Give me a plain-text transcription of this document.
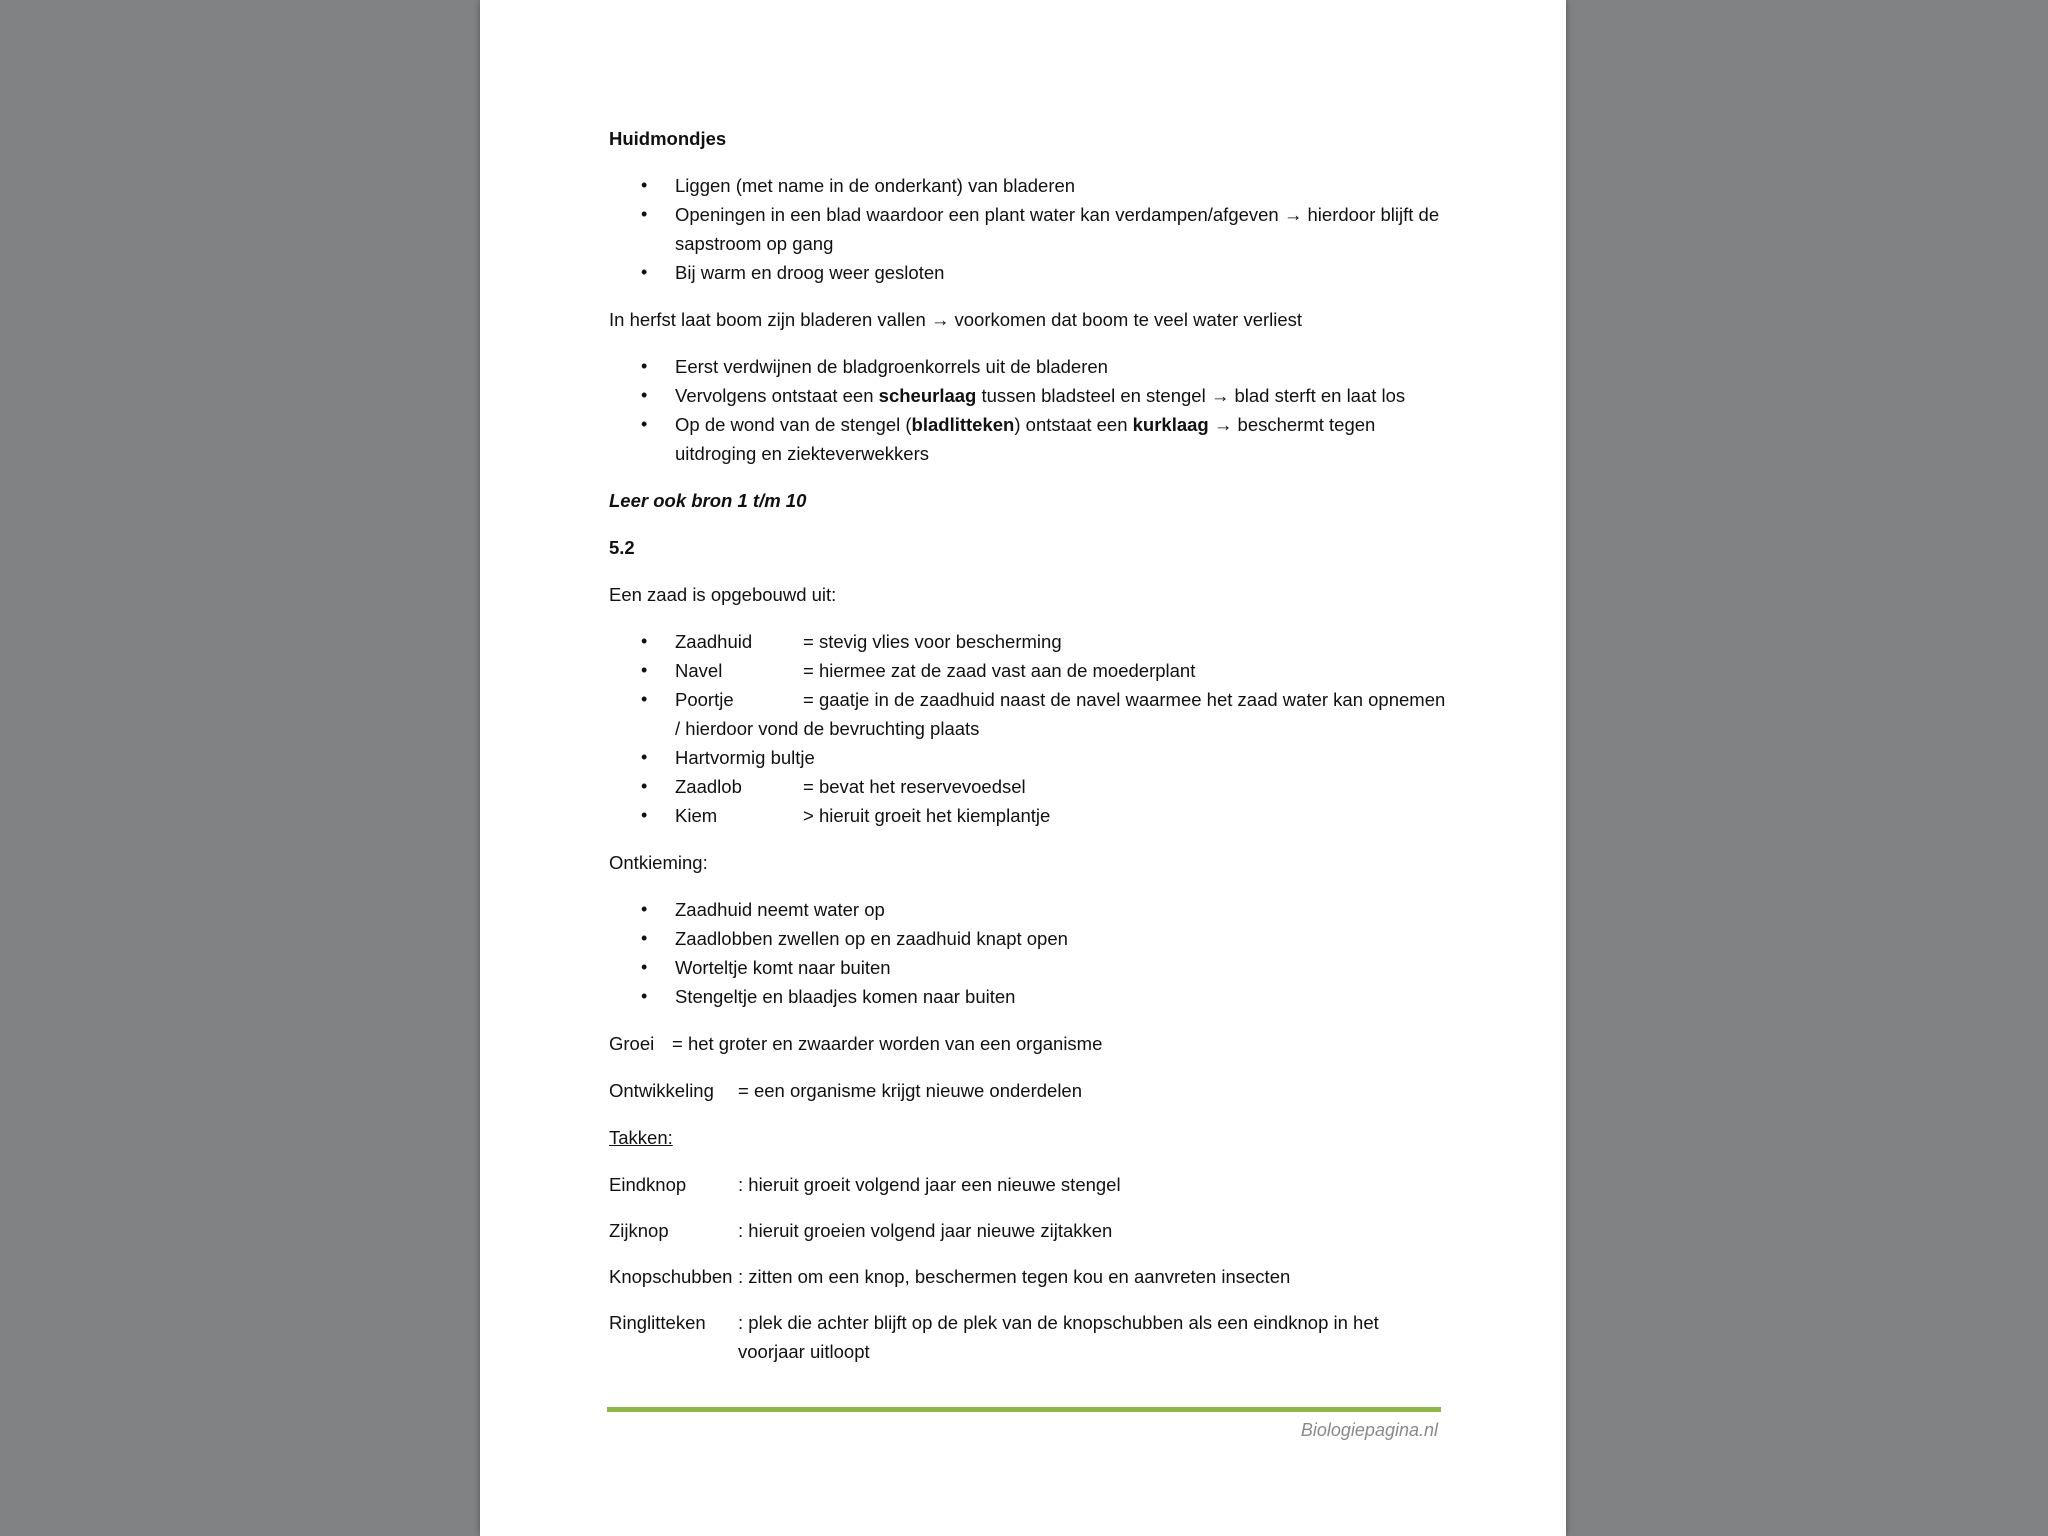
Huidmondjes

• Liggen (met name in de onderkant) van bladeren
• Openingen in een blad waardoor een plant water kan verdampen/afgeven → hierdoor blijft de sapstroom op gang
• Bij warm en droog weer gesloten

In herfst laat boom zijn bladeren vallen → voorkomen dat boom te veel water verliest

• Eerst verdwijnen de bladgroenkorrels uit de bladeren
• Vervolgens ontstaat een scheurlaag tussen bladsteel en stengel → blad sterft en laat los
• Op de wond van de stengel (bladlitteken) ontstaat een kurklaag → beschermt tegen uitdroging en ziekteverwekkers

Leer ook bron 1 t/m 10

5.2

Een zaad is opgebouwd uit:

• Zaadhuid	= stevig vlies voor bescherming
• Navel	= hiermee zat de zaad vast aan de moederplant
• Poortje	= gaatje in de zaadhuid naast de navel waarmee het zaad water kan opnemen / hierdoor vond de bevruchting plaats
• Hartvormig bultje
• Zaadlob	= bevat het reservevoedsel
• Kiem	> hieruit groeit het kiemplantje

Ontkieming:

• Zaadhuid neemt water op
• Zaadlobben zwellen op en zaadhuid knapt open
• Worteltje komt naar buiten
• Stengeltje en blaadjes komen naar buiten

Groei = het groter en zwaarder worden van een organisme

Ontwikkeling = een organisme krijgt nieuwe onderdelen

Takken:

Eindknop	: hieruit groeit volgend jaar een nieuwe stengel
Zijknop	: hieruit groeien volgend jaar nieuwe zijtakken
Knopschubben : zitten om een knop, beschermen tegen kou en aanvreten insecten
Ringlitteken	: plek die achter blijft op de plek van de knopschubben als een eindknop in het voorjaar uitloopt
Biologiepagina.nl
